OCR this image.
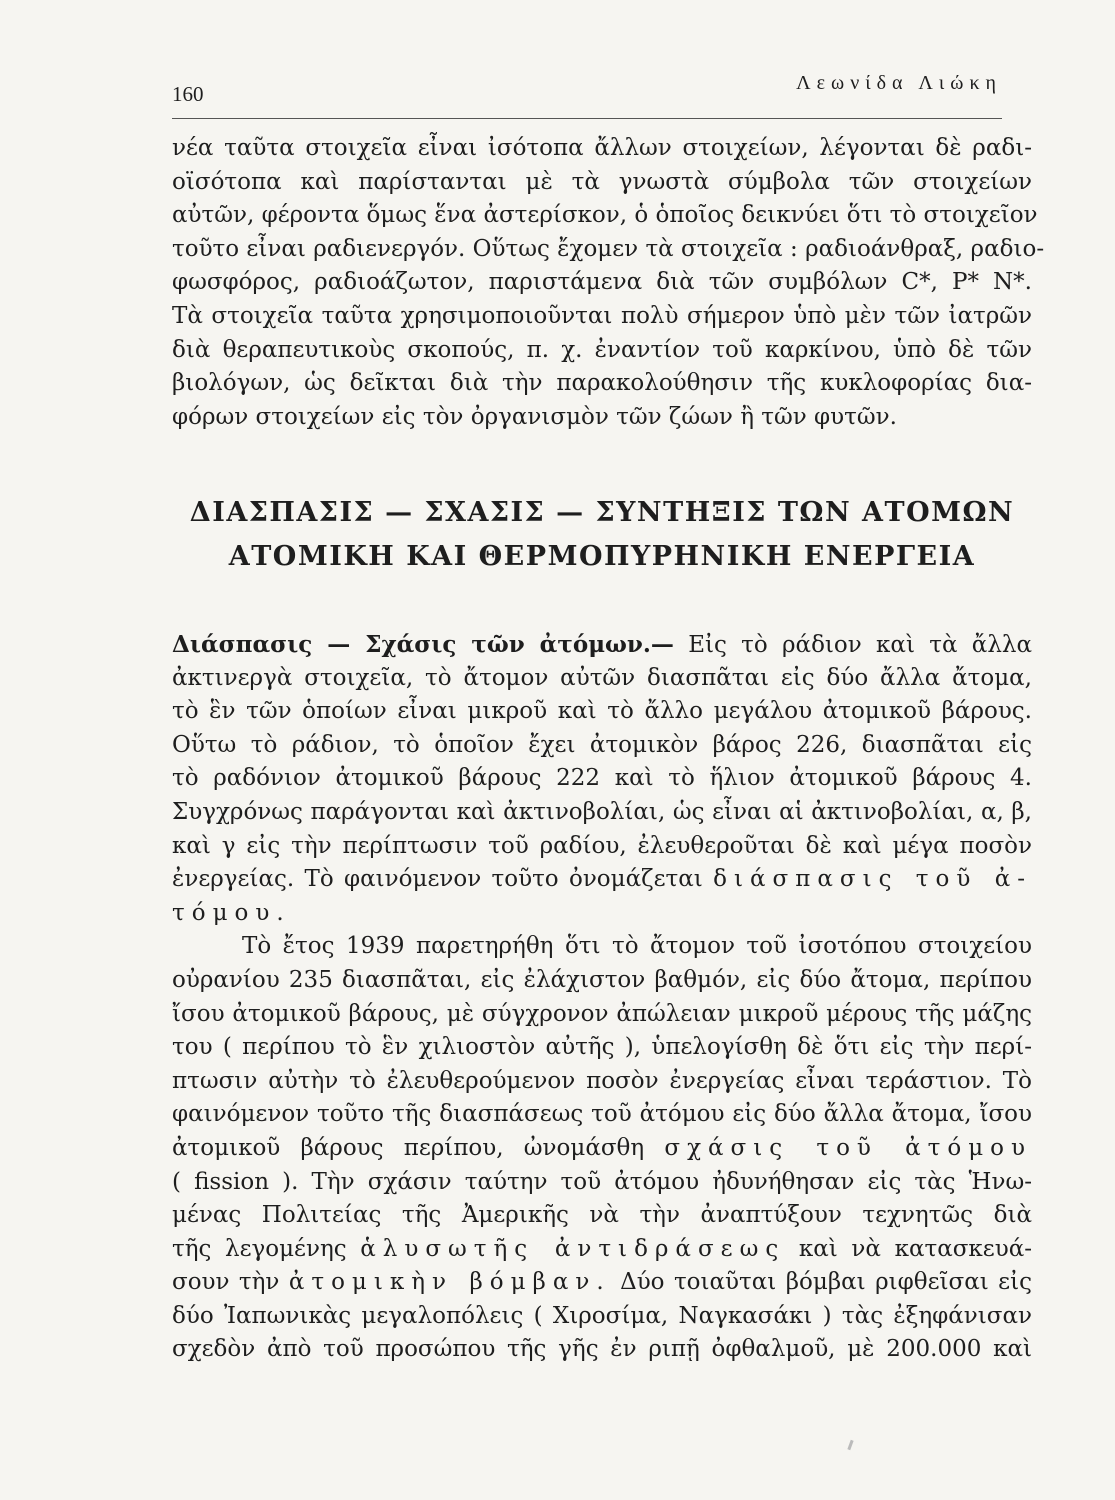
160	Λεωνίδα Λιώκη
νέα ταῦτα στοιχεῖα εἶναι ἰσότοπα ἄλλων στοιχείων, λέγονται δὲ ραδι-
οϊσότοπα καὶ παρίστανται μὲ τὰ γνωστὰ σύμβολα τῶν στοιχείων
αὐτῶν, φέροντα ὅμως ἕνα ἀστερίσκον, ὁ ὁποῖος δεικνύει ὅτι τὸ στοιχεῖον
τοῦτο εἶναι ραδιενεργόν. Οὕτως ἔχομεν τὰ στοιχεῖα : ραδιοάνθραξ, ραδιο-
φωσφόρος, ραδιοάζωτον, παριστάμενα διὰ τῶν συμβόλων C*, P* N*.
Τὰ στοιχεῖα ταῦτα χρησιμοποιοῦνται πολὺ σήμερον ὑπὸ μὲν τῶν ἰατρῶν
διὰ θεραπευτικοὺς σκοπούς, π. χ. ἐναντίον τοῦ καρκίνου, ὑπὸ δὲ τῶν
βιολόγων, ὡς δεῖκται διὰ τὴν παρακολούθησιν τῆς κυκλοφορίας δια-
φόρων στοιχείων εἰς τὸν ὀργανισμὸν τῶν ζώων ἢ τῶν φυτῶν.
ΔΙΑΣΠΑΣΙΣ — ΣΧΑΣΙΣ — ΣΥΝΤΗΞΙΣ ΤΩΝ ΑΤΟΜΩΝ
ΑΤΟΜΙΚΗ ΚΑΙ ΘΕΡΜΟΠΥΡΗΝΙΚΗ ΕΝΕΡΓΕΙΑ
Διάσπασις — Σχάσις τῶν ἀτόμων.— Εἰς τὸ ράδιον καὶ τὰ ἄλλα
ἀκτινεργὰ στοιχεῖα, τὸ ἄτομον αὐτῶν διασπᾶται εἰς δύο ἄλλα ἄτομα,
τὸ ἓν τῶν ὁποίων εἶναι μικροῦ καὶ τὸ ἄλλο μεγάλου ἀτομικοῦ βάρους.
Οὕτω τὸ ράδιον, τὸ ὁποῖον ἔχει ἀτομικὸν βάρος 226, διασπᾶται εἰς
τὸ ραδόνιον ἀτομικοῦ βάρους 222 καὶ τὸ ἥλιον ἀτομικοῦ βάρους 4.
Συγχρόνως παράγονται καὶ ἀκτινοβολίαι, ὡς εἶναι αἱ ἀκτινοβολίαι, α, β,
καὶ γ εἰς τὴν περίπτωσιν τοῦ ραδίου, ἐλευθεροῦται δὲ καὶ μέγα ποσὸν
ἐνεργείας. Τὸ φαινόμενον τοῦτο ὀνομάζεται διάσπασις τοῦ ἀ-
τόμου.
Τὸ ἔτος 1939 παρετηρήθη ὅτι τὸ ἄτομον τοῦ ἰσοτόπου στοιχείου
οὐρανίου 235 διασπᾶται, εἰς ἐλάχιστον βαθμόν, εἰς δύο ἄτομα, περίπου
ἴσου ἀτομικοῦ βάρους, μὲ σύγχρονον ἀπώλειαν μικροῦ μέρους τῆς μάζης
του ( περίπου τὸ ἓν χιλιοστὸν αὐτῆς ), ὑπελογίσθη δὲ ὅτι εἰς τὴν περί-
πτωσιν αὐτὴν τὸ ἐλευθερούμενον ποσὸν ἐνεργείας εἶναι τεράστιον. Τὸ
φαινόμενον τοῦτο τῆς διασπάσεως τοῦ ἀτόμου εἰς δύο ἄλλα ἄτομα, ἴσου
ἀτομικοῦ βάρους περίπου, ὠνομάσθη σχάσις τοῦ ἀτόμου
( fission ). Τὴν σχάσιν ταύτην τοῦ ἀτόμου ἠδυνήθησαν εἰς τὰς Ἡνω-
μένας Πολιτείας τῆς Ἀμερικῆς νὰ τὴν ἀναπτύξουν τεχνητῶς διὰ
τῆς λεγομένης ἁλυσωτῆς ἀντιδράσεως καὶ νὰ κατασκευά-
σουν τὴν ἀτομικὴν βόμβαν. Δύο τοιαῦται βόμβαι ριφθεῖσαι εἰς
δύο Ἰαπωνικὰς μεγαλοπόλεις ( Χιροσίμα, Ναγκασάκι ) τὰς ἐξηφάνισαν
σχεδὸν ἀπὸ τοῦ προσώπου τῆς γῆς ἐν ριπῇ ὀφθαλμοῦ, μὲ 200.000 καὶ
